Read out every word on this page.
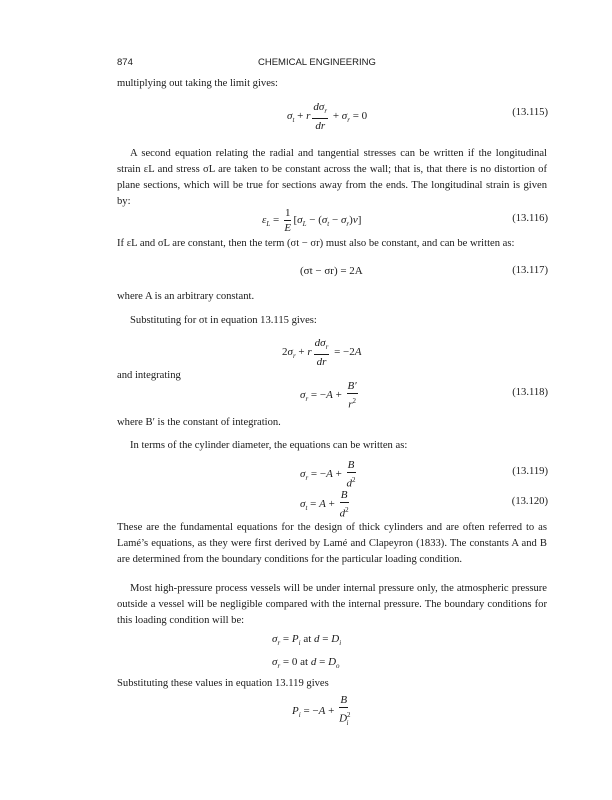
874	CHEMICAL ENGINEERING
multiplying out taking the limit gives:
$\sigma_t + r \frac{d\sigma_r}{dr} + \sigma_r = 0$	(13.115)
A second equation relating the radial and tangential stresses can be written if the longitudinal strain εL and stress σL are taken to be constant across the wall; that is, that there is no distortion of plane sections, which will be true for sections away from the ends. The longitudinal strain is given by:
$\varepsilon_L = \frac{1}{E} [\sigma_L - (\sigma_t - \sigma_r)\nu]$	(13.116)
If εL and σL are constant, then the term (σt − σr) must also be constant, and can be written as:
(σt − σr) = 2A	(13.117)
where A is an arbitrary constant.
Substituting for σt in equation 13.115 gives:
$2\sigma_r + r \frac{d\sigma_r}{dr} = -2A$
and integrating
$\sigma_r = -A + \frac{B'}{r^2}$	(13.118)
where B′ is the constant of integration.
In terms of the cylinder diameter, the equations can be written as:
$\sigma_r = -A + \frac{B}{d^2}$	(13.119)
$\sigma_t = A + \frac{B}{d^2}$	(13.120)
These are the fundamental equations for the design of thick cylinders and are often referred to as Lamé’s equations, as they were first derived by Lamé and Clapeyron (1833). The constants A and B are determined from the boundary conditions for the particular loading condition.
Most high-pressure process vessels will be under internal pressure only, the atmospheric pressure outside a vessel will be negligible compared with the internal pressure. The boundary conditions for this loading condition will be:
$\sigma_r = P_i$ at $d = D_i$
$\sigma_r = 0$ at $d = D_o$
Substituting these values in equation 13.119 gives
$P_i = -A + \frac{B}{D^2_i}$
